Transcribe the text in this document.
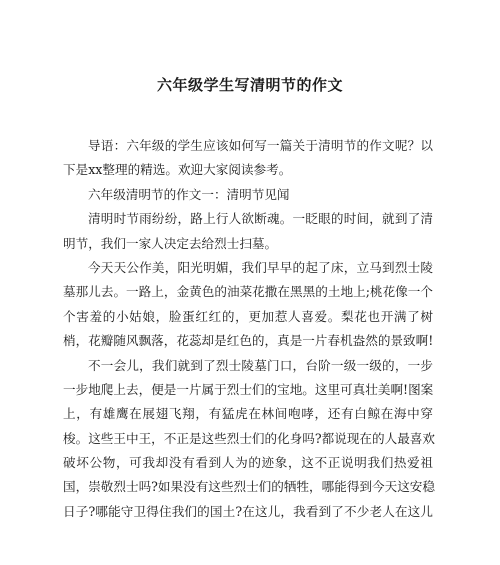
六年级学生写清明节的作文
导语：六年级的学生应该如何写一篇关于清明节的作文呢？以
下是xx整理的精选。欢迎大家阅读参考。
六年级清明节的作文一：清明节见闻
清明时节雨纷纷，路上行人欲断魂。一眨眼的时间，就到了清
明节，我们一家人决定去给烈士扫墓。
今天天公作美，阳光明媚，我们早早的起了床，立马到烈士陵
墓那儿去。一路上，金黄色的油菜花撒在黑黑的土地上;桃花像一个
个害羞的小姑娘，脸蛋红红的，更加惹人喜爱。梨花也开满了树
梢，花瓣随风飘落，花蕊却是红色的，真是一片春机盎然的景致啊!
不一会儿，我们就到了烈士陵墓门口，台阶一级一级的，一步
一步地爬上去，便是一片属于烈士们的宝地。这里可真壮美啊!图案
上，有雄鹰在展翅飞翔，有猛虎在林间咆哮，还有白鲸在海中穿
梭。这些王中王，不正是这些烈士们的化身吗?都说现在的人最喜欢
破坏公物，可我却没有看到人为的迹象，这不正说明我们热爱祖
国，崇敬烈士吗?如果没有这些烈士们的牺牲，哪能得到今天这安稳
日子?哪能守卫得住我们的国土?在这儿，我看到了不少老人在这儿
